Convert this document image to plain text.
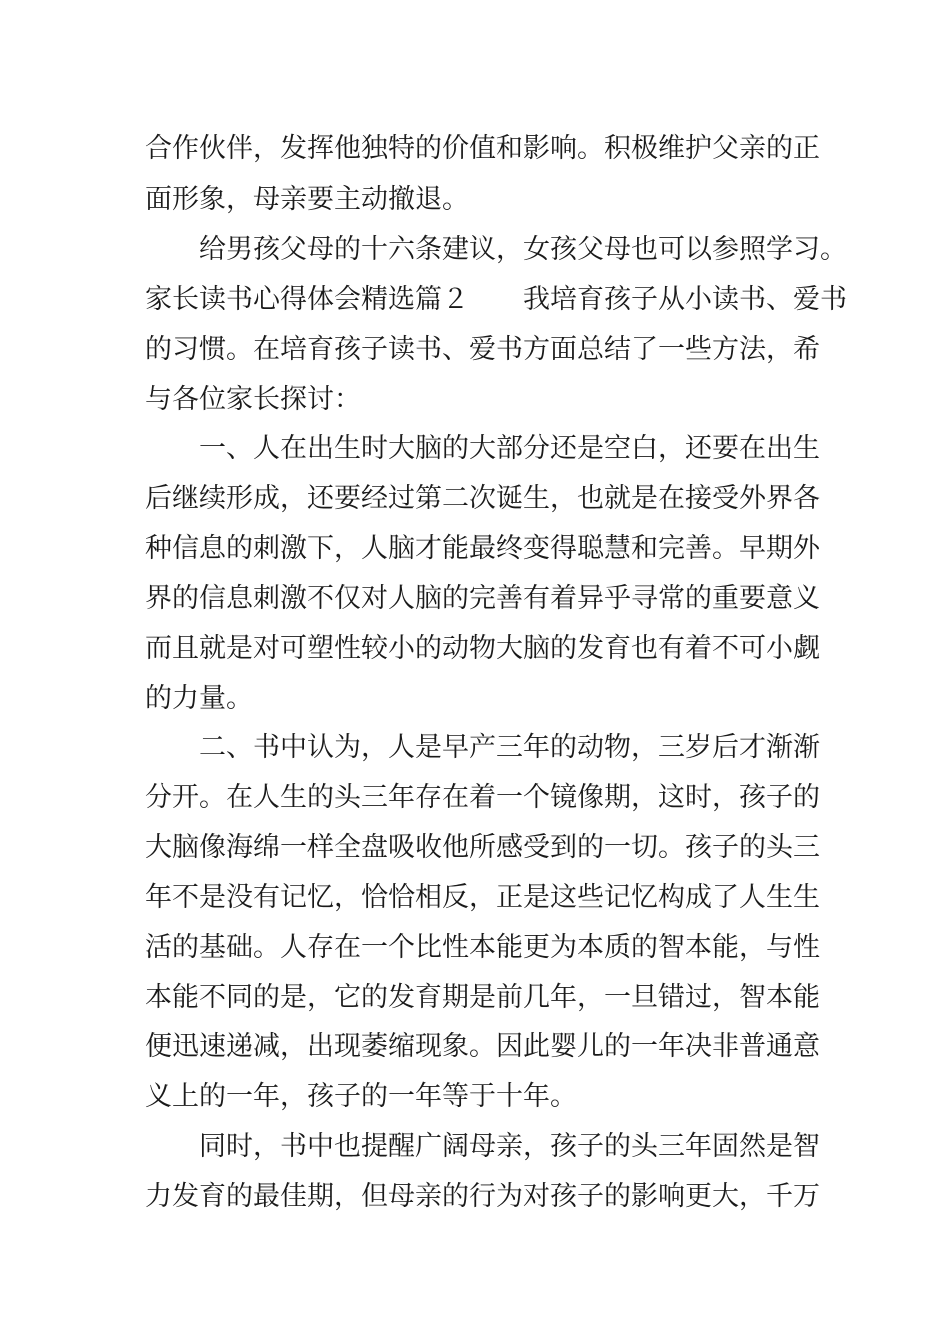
合作伙伴，发挥他独特的价值和影响。积极维护父亲的正
面形象，母亲要主动撤退。
给男孩父母的十六条建议，女孩父母也可以参照学习。
家长读书心得体会精选篇２　　我培育孩子从小读书、爱书
的习惯。在培育孩子读书、爱书方面总结了一些方法，希
与各位家长探讨：
一、人在出生时大脑的大部分还是空白，还要在出生
后继续形成，还要经过第二次诞生，也就是在接受外界各
种信息的刺激下，人脑才能最终变得聪慧和完善。早期外
界的信息刺激不仅对人脑的完善有着异乎寻常的重要意义
而且就是对可塑性较小的动物大脑的发育也有着不可小觑
的力量。
二、书中认为，人是早产三年的动物，三岁后才渐渐
分开。在人生的头三年存在着一个镜像期，这时，孩子的
大脑像海绵一样全盘吸收他所感受到的一切。孩子的头三
年不是没有记忆，恰恰相反，正是这些记忆构成了人生生
活的基础。人存在一个比性本能更为本质的智本能，与性
本能不同的是，它的发育期是前几年，一旦错过，智本能
便迅速递减，出现萎缩现象。因此婴儿的一年决非普通意
义上的一年，孩子的一年等于十年。
同时，书中也提醒广阔母亲，孩子的头三年固然是智
力发育的最佳期，但母亲的行为对孩子的影响更大，千万
